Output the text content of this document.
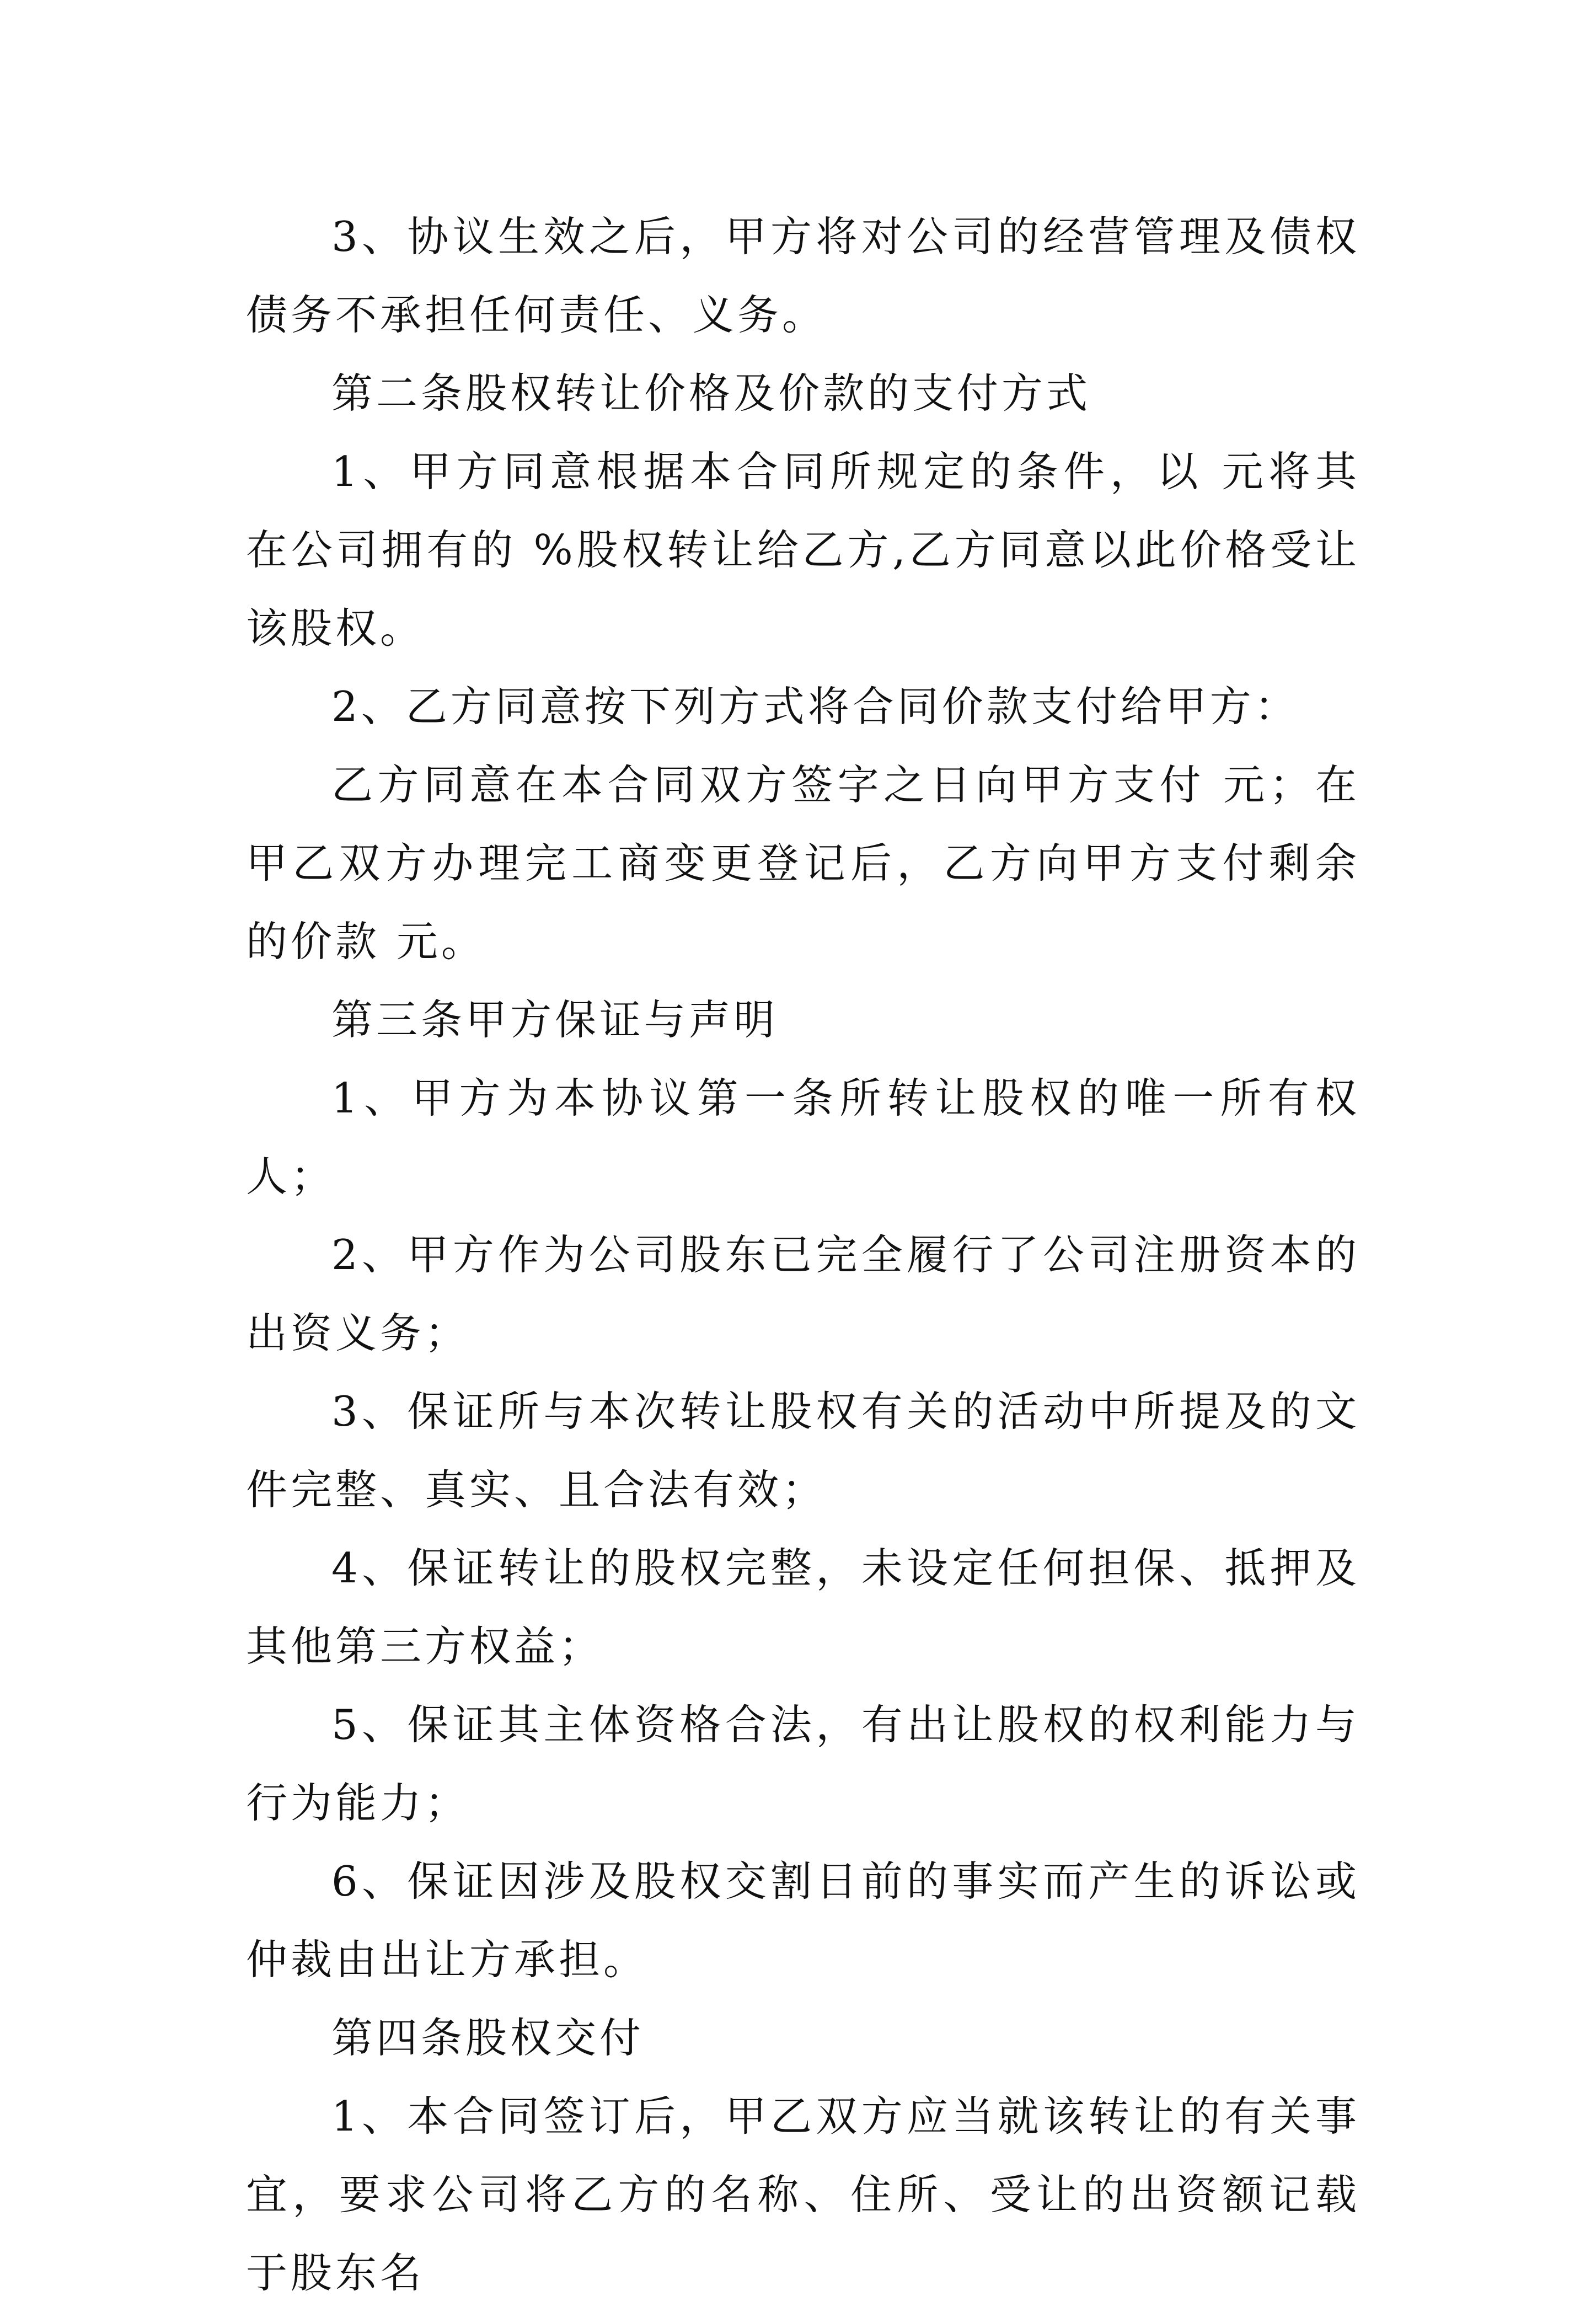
3、协议生效之后，甲方将对公司的经营管理及债权债务不承担任何责任、义务。

第二条股权转让价格及价款的支付方式

1、甲方同意根据本合同所规定的条件，以 元将其在公司拥有的 %股权转让给乙方,乙方同意以此价格受让该股权。

2、乙方同意按下列方式将合同价款支付给甲方：

乙方同意在本合同双方签字之日向甲方支付 元；在甲乙双方办理完工商变更登记后，乙方向甲方支付剩余的价款 元。

第三条甲方保证与声明

1、甲方为本协议第一条所转让股权的唯一所有权人；

2、甲方作为公司股东已完全履行了公司注册资本的出资义务；

3、保证所与本次转让股权有关的活动中所提及的文件完整、真实、且合法有效；

4、保证转让的股权完整，未设定任何担保、抵押及其他第三方权益；

5、保证其主体资格合法，有出让股权的权利能力与行为能力；

6、保证因涉及股权交割日前的事实而产生的诉讼或仲裁由出让方承担。

第四条股权交付

1、本合同签订后，甲乙双方应当就该转让的有关事宜，要求公司将乙方的名称、住所、受让的出资额记载于股东名
